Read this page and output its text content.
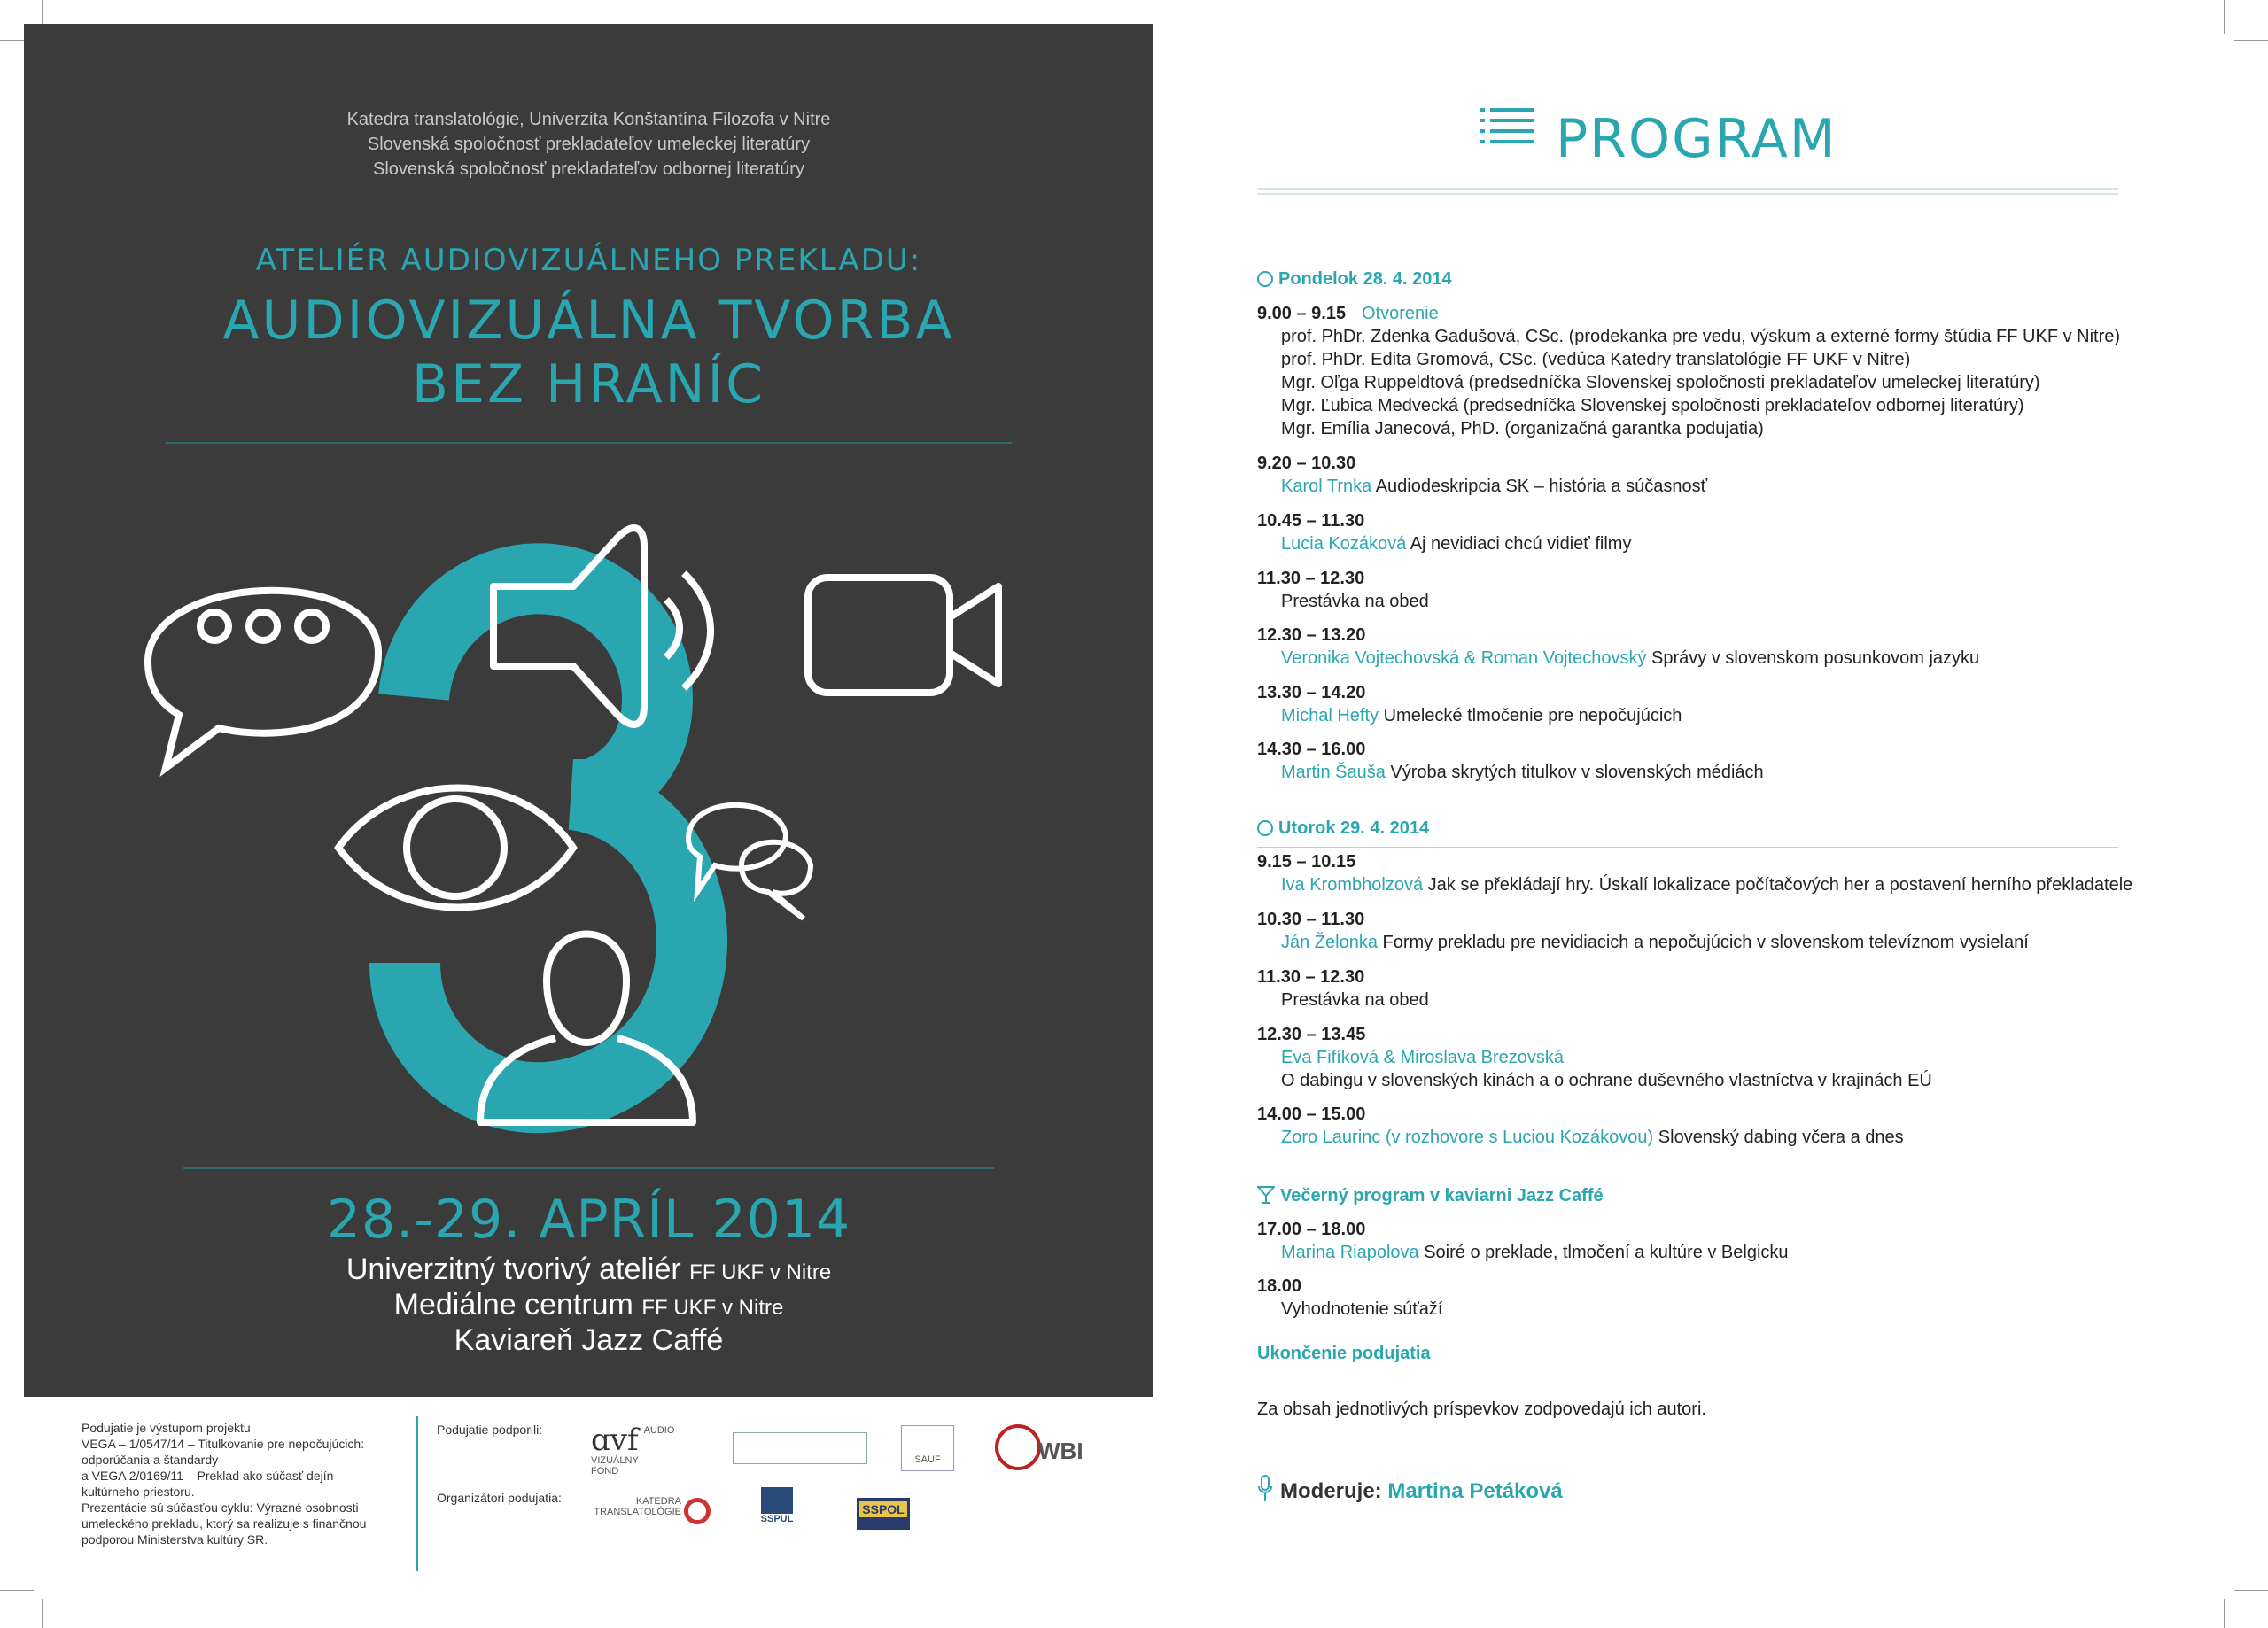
Katedra translatológie, Univerzita Konštantína Filozofa v Nitre
Slovenská spoločnosť prekladateľov umeleckej literatúry
Slovenská spoločnosť prekladateľov odbornej literatúry
ATELIÉR AUDIOVIZUÁLNEHO PREKLADU:
AUDIOVIZUÁLNA TVORBA
BEZ HRANÍC
28.-29. APRÍL 2014
Univerzitný tvorivý ateliér FF UKF v Nitre
Mediálne centrum FF UKF v Nitre
Kaviareň Jazz Caffé
Podujatie je výstupom projektu
VEGA – 1/0547/14 – Titulkovanie pre nepočujúcich:
odporúčania a štandardy
a VEGA 2/0169/11 – Preklad ako súčasť dejín
kultúrneho priestoru.
Prezentácie sú súčasťou cyklu: Výrazné osobnosti
umeleckého prekladu, ktorý sa realizuje s finančnou
podporou Ministerstva kultúry SR.
Podujatie podporili:
Organizátori podujatia:
ɑvf AUDIO
VIZUÁLNY
FOND
SAUF	WBI
KATEDRA
TRANSLATOLÓGIE
SSPUL
SSPOL
PROGRAM
Pondelok 28. 4. 2014
9.00 – 9.15 Otvorenie
prof. PhDr. Zdenka Gadušová, CSc. (prodekanka pre vedu, výskum a externé formy štúdia FF UKF v Nitre)
prof. PhDr. Edita Gromová, CSc. (vedúca Katedry translatológie FF UKF v Nitre)
Mgr. Oľga Ruppeldtová (predsedníčka Slovenskej spoločnosti prekladateľov umeleckej literatúry)
Mgr. Ľubica Medvecká (predsedníčka Slovenskej spoločnosti prekladateľov odbornej literatúry)
Mgr. Emília Janecová, PhD. (organizačná garantka podujatia)
9.20 – 10.30
Karol Trnka Audiodeskripcia SK – história a súčasnosť
10.45 – 11.30
Lucia Kozáková Aj nevidiaci chcú vidieť filmy
11.30 – 12.30
Prestávka na obed
12.30 – 13.20
Veronika Vojtechovská & Roman Vojtechovský Správy v slovenskom posunkovom jazyku
13.30 – 14.20
Michal Hefty Umelecké tlmočenie pre nepočujúcich
14.30 – 16.00
Martin Šauša Výroba skrytých titulkov v slovenských médiách
Utorok 29. 4. 2014
9.15 – 10.15
Iva Krombholzová Jak se překládají hry. Úskalí lokalizace počítačových her a postavení herního překladatele
10.30 – 11.30
Ján Želonka Formy prekladu pre nevidiacich a nepočujúcich v slovenskom televíznom vysielaní
11.30 – 12.30
Prestávka na obed
12.30 – 13.45
Eva Fifíková & Miroslava Brezovská
O dabingu v slovenských kinách a o ochrane duševného vlastníctva v krajinách EÚ
14.00 – 15.00
Zoro Laurinc (v rozhovore s Luciou Kozákovou) Slovenský dabing včera a dnes
Večerný program v kaviarni Jazz Caffé
17.00 – 18.00
Marina Riapolova Soiré o preklade, tlmočení a kultúre v Belgicku
18.00
Vyhodnotenie súťaží
Ukončenie podujatia
Za obsah jednotlivých príspevkov zodpovedajú ich autori.
Moderuje: Martina Petáková
